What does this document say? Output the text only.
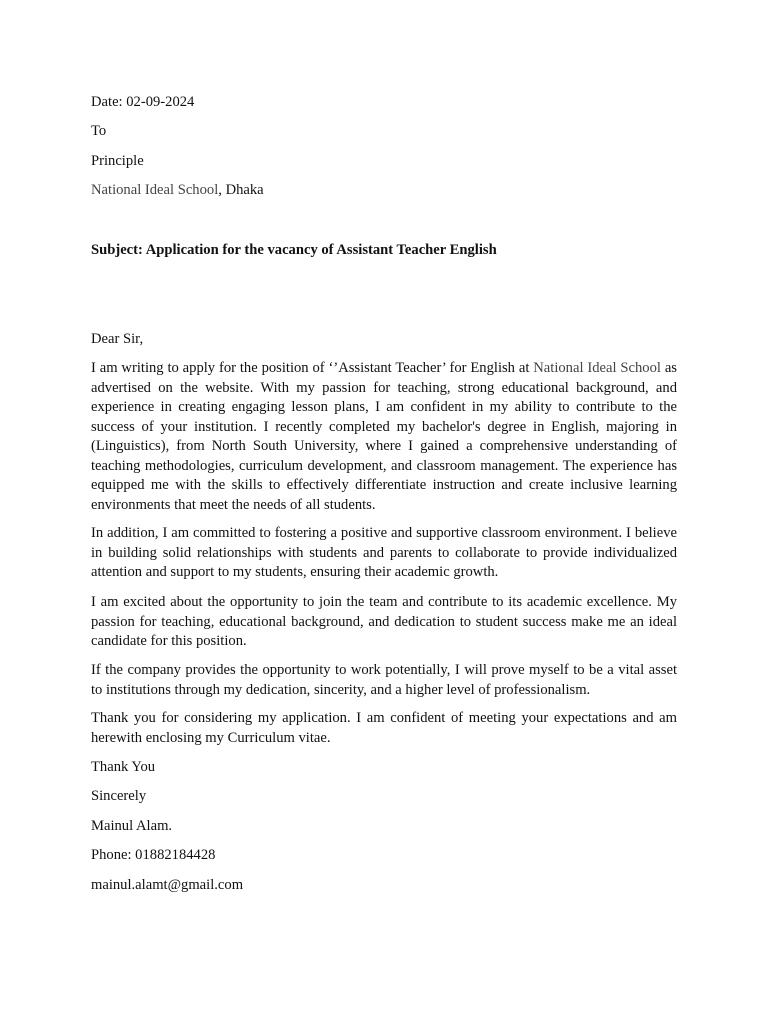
Date: 02-09-2024
To
Principle
National Ideal School, Dhaka
Subject: Application for the vacancy of Assistant Teacher English
Dear Sir,

I am writing to apply for the position of ‘’Assistant Teacher’ for English at National Ideal School as advertised on the website. With my passion for teaching, strong educational background, and experience in creating engaging lesson plans, I am confident in my ability to contribute to the success of your institution. I recently completed my bachelor's degree in English, majoring in (Linguistics), from North South University, where I gained a comprehensive understanding of teaching methodologies, curriculum development, and classroom management. The experience has equipped me with the skills to effectively differentiate instruction and create inclusive learning environments that meet the needs of all students.

In addition, I am committed to fostering a positive and supportive classroom environment. I believe in building solid relationships with students and parents to collaborate to provide individualized attention and support to my students, ensuring their academic growth.

I am excited about the opportunity to join the team and contribute to its academic excellence. My passion for teaching, educational background, and dedication to student success make me an ideal candidate for this position.

If the company provides the opportunity to work potentially, I will prove myself to be a vital asset to institutions through my dedication, sincerity, and a higher level of professionalism.

Thank you for considering my application. I am confident of meeting your expectations and am herewith enclosing my Curriculum vitae.

Thank You
Sincerely
Mainul Alam.
Phone: 01882184428
mainul.alamt@gmail.com
